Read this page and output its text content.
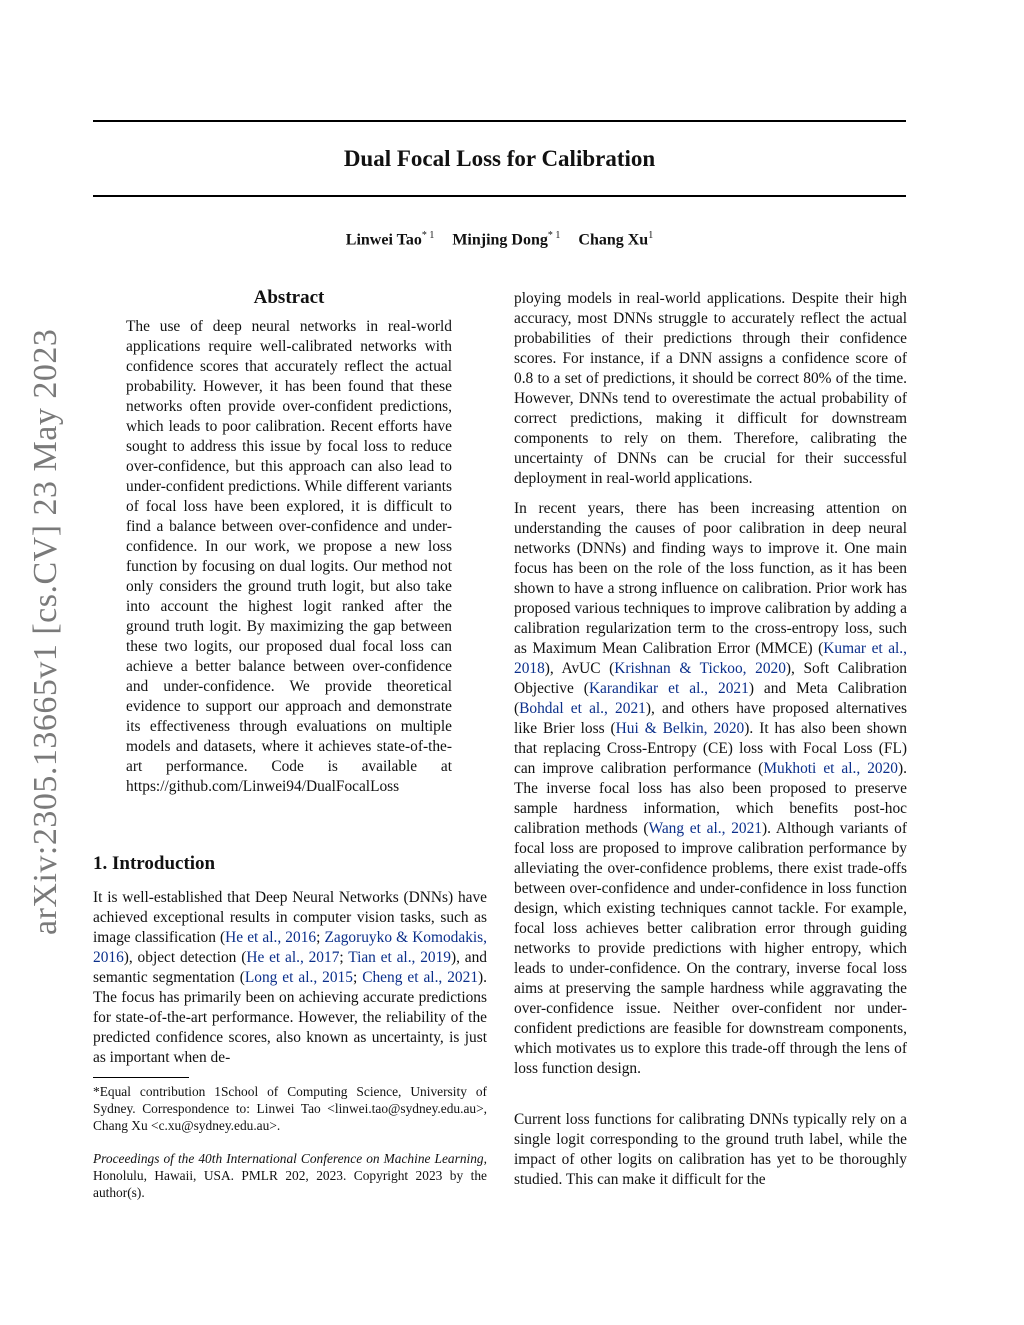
Dual Focal Loss for Calibration
Linwei Tao$^{* 1}$ Minjing Dong$^{* 1}$ Chang Xu$^1$
arXiv:2305.13665v1 [cs.CV] 23 May 2023
Abstract

The use of deep neural networks in real-world applications require well-calibrated networks with confidence scores that accurately reflect the actual probability. However, it has been found that these networks often provide over-confident predictions, which leads to poor calibration. Recent efforts have sought to address this issue by focal loss to reduce over-confidence, but this approach can also lead to under-confident predictions. While different variants of focal loss have been explored, it is difficult to find a balance between over-confidence and under-confidence. In our work, we propose a new loss function by focusing on dual logits. Our method not only considers the ground truth logit, but also take into account the highest logit ranked after the ground truth logit. By maximizing the gap between these two logits, our proposed dual focal loss can achieve a better balance between over-confidence and under-confidence. We provide theoretical evidence to support our approach and demonstrate its effectiveness through evaluations on multiple models and datasets, where it achieves state-of-the-art performance. Code is available at https://github.com/Linwei94/DualFocalLoss

1. Introduction

It is well-established that Deep Neural Networks (DNNs) have achieved exceptional results in computer vision tasks, such as image classification (He et al., 2016; Zagoruyko & Komodakis, 2016), object detection (He et al., 2017; Tian et al., 2019), and semantic segmentation (Long et al., 2015; Cheng et al., 2021). The focus has primarily been on achieving accurate predictions for state-of-the-art performance. However, the reliability of the predicted confidence scores, also known as uncertainty, is just as important when de-

*Equal contribution 1School of Computing Science, University of Sydney. Correspondence to: Linwei Tao <linwei.tao@sydney.edu.au>, Chang Xu <c.xu@sydney.edu.au>.

Proceedings of the 40th International Conference on Machine Learning, Honolulu, Hawaii, USA. PMLR 202, 2023. Copyright 2023 by the author(s).

ploying models in real-world applications. Despite their high accuracy, most DNNs struggle to accurately reflect the actual probabilities of their predictions through their confidence scores. For instance, if a DNN assigns a confidence score of 0.8 to a set of predictions, it should be correct 80% of the time. However, DNNs tend to overestimate the actual probability of correct predictions, making it difficult for downstream components to rely on them. Therefore, calibrating the uncertainty of DNNs can be crucial for their successful deployment in real-world applications.

In recent years, there has been increasing attention on understanding the causes of poor calibration in deep neural networks (DNNs) and finding ways to improve it. One main focus has been on the role of the loss function, as it has been shown to have a strong influence on calibration. Prior work has proposed various techniques to improve calibration by adding a calibration regularization term to the cross-entropy loss, such as Maximum Mean Calibration Error (MMCE) (Kumar et al., 2018), AvUC (Krishnan & Tickoo, 2020), Soft Calibration Objective (Karandikar et al., 2021) and Meta Calibration (Bohdal et al., 2021), and others have proposed alternatives like Brier loss (Hui & Belkin, 2020). It has also been shown that replacing Cross-Entropy (CE) loss with Focal Loss (FL) can improve calibration performance (Mukhoti et al., 2020). The inverse focal loss has also been proposed to preserve sample hardness information, which benefits post-hoc calibration methods (Wang et al., 2021). Although variants of focal loss are proposed to improve calibration performance by alleviating the over-confidence problems, there exist trade-offs between over-confidence and under-confidence in loss function design, which existing techniques cannot tackle. For example, focal loss achieves better calibration error through guiding networks to provide predictions with higher entropy, which leads to under-confidence. On the contrary, inverse focal loss aims at preserving the sample hardness while aggravating the over-confidence issue. Neither over-confident nor under-confident predictions are feasible for downstream components, which motivates us to explore this trade-off through the lens of loss function design.

Current loss functions for calibrating DNNs typically rely on a single logit corresponding to the ground truth label, while the impact of other logits on calibration has yet to be thoroughly studied. This can make it difficult for the
